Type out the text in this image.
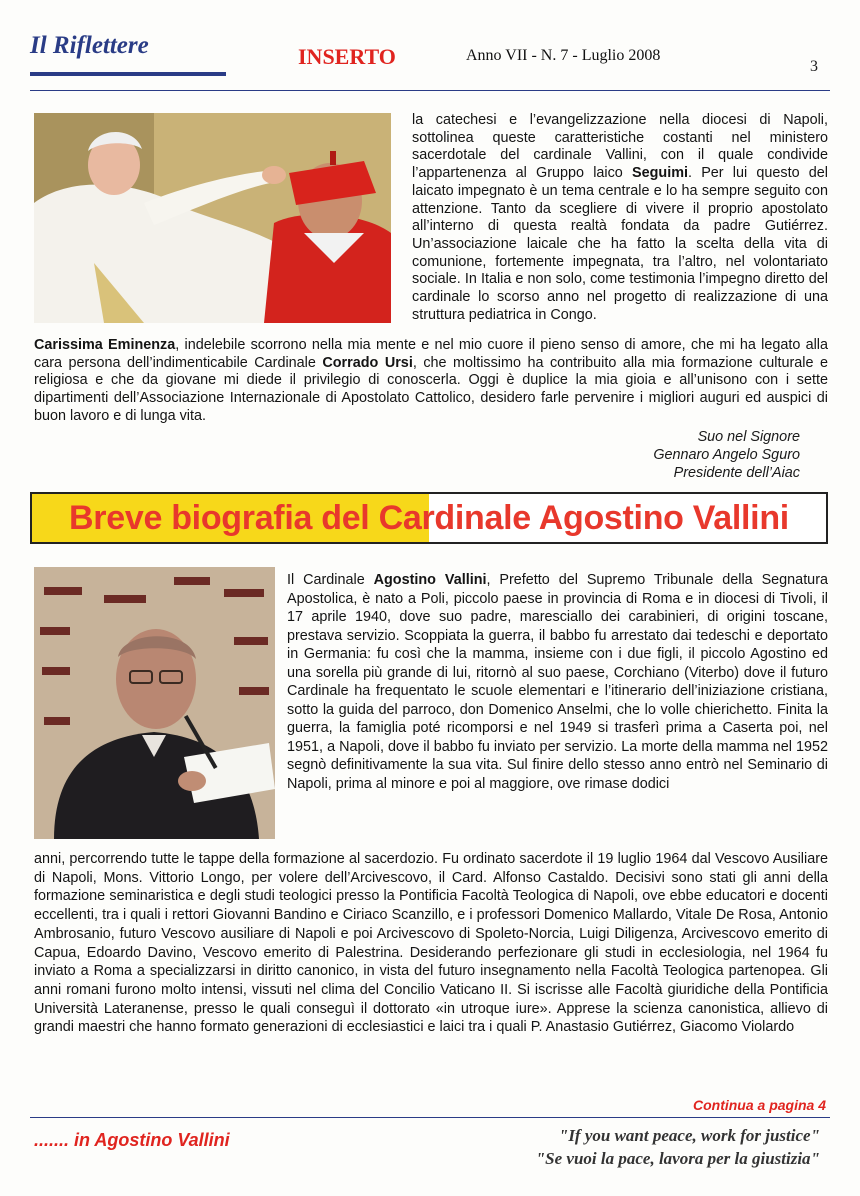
Il Riflettere	INSERTO	Anno VII - N. 7 - Luglio 2008
3
la catechesi e l’evangelizzazione nella diocesi di Napoli, sottolinea queste caratteristiche costanti nel ministero sacerdotale del cardinale Vallini, con il quale condivide l’appartenenza al Gruppo laico Seguimi. Per lui questo del laicato impegnato è un tema centrale e lo ha sempre seguito con attenzione. Tanto da scegliere di vivere il proprio apostolato all’interno di questa realtà fondata da padre Gutiérrez. Un’associazione laicale che ha fatto la scelta della vita di comunione, fortemente impegnata, tra l’altro, nel volontariato sociale. In Italia e non solo, come testimonia l’impegno diretto del cardinale lo scorso anno nel progetto di realizzazione di una struttura pediatrica in Congo.
Carissima Eminenza, indelebile scorrono nella mia mente e nel mio cuore il pieno senso di amore, che mi ha legato alla cara persona dell’indimenticabile Cardinale Corrado Ursi, che moltissimo ha contribuito alla mia formazione culturale e religiosa e che da giovane mi diede il privilegio di conoscerla. Oggi è duplice la mia gioia e all’unisono con i sette dipartimenti dell’Associazione Internazionale di Apostolato Cattolico, desidero farle pervenire i migliori auguri ed auspici di buon lavoro e di lunga vita.
Suo nel Signore
Gennaro Angelo Sguro
Presidente dell’Aiac
Breve biografia del Cardinale Agostino Vallini
Il Cardinale Agostino Vallini, Prefetto del Supremo Tribunale della Segnatura Apostolica, è nato a Poli, piccolo paese in provincia di Roma e in diocesi di Tivoli, il 17 aprile 1940, dove suo padre, maresciallo dei carabinieri, di origini toscane, prestava servizio. Scoppiata la guerra, il babbo fu arrestato dai tedeschi e deportato in Germania: fu così che la mamma, insieme con i due figli, il piccolo Agostino ed una sorella più grande di lui, ritornò al suo paese, Corchiano (Viterbo) dove il futuro Cardinale ha frequentato le scuole elementari e l’itinerario dell’iniziazione cristiana, sotto la guida del parroco, don Domenico Anselmi, che lo volle chierichetto. Finita la guerra, la famiglia poté ricomporsi e nel 1949 si trasferì prima a Caserta poi, nel 1951, a Napoli, dove il babbo fu inviato per servizio. La morte della mamma nel 1952 segnò definitivamente la sua vita. Sul finire dello stesso anno entrò nel Seminario di Napoli, prima al minore e poi al maggiore, ove rimase dodici
anni, percorrendo tutte le tappe della formazione al sacerdozio. Fu ordinato sacerdote il 19 luglio 1964 dal Vescovo Ausiliare di Napoli, Mons. Vittorio Longo, per volere dell’Arcivescovo, il Card. Alfonso Castaldo. Decisivi sono stati gli anni della formazione seminaristica e degli studi teologici presso la Pontificia Facoltà Teologica di Napoli, ove ebbe educatori e docenti eccellenti, tra i quali i rettori Giovanni Bandino e Ciriaco Scanzillo, e i professori Domenico Mallardo, Vitale De Rosa, Antonio Ambrosanio, futuro Vescovo ausiliare di Napoli e poi Arcivescovo di Spoleto-Norcia, Luigi Diligenza, Arcivescovo emerito di Capua, Edoardo Davino, Vescovo emerito di Palestrina. Desiderando perfezionare gli studi in ecclesiologia, nel 1964 fu inviato a Roma a specializzarsi in diritto canonico, in vista del futuro insegnamento nella Facoltà Teologica partenopea. Gli anni romani furono molto intensi, vissuti nel clima del Concilio Vaticano II. Si iscrisse alle Facoltà giuridiche della Pontificia Università Lateranense, presso le quali conseguì il dottorato «in utroque iure». Apprese la scienza canonistica, allievo di grandi maestri che hanno formato generazioni di ecclesiastici e laici tra i quali P. Anastasio Gutiérrez, Giacomo Violardo
Continua a pagina 4
....... in Agostino Vallini	"If you want peace, work for justice"
"Se vuoi la pace, lavora per la giustizia"
